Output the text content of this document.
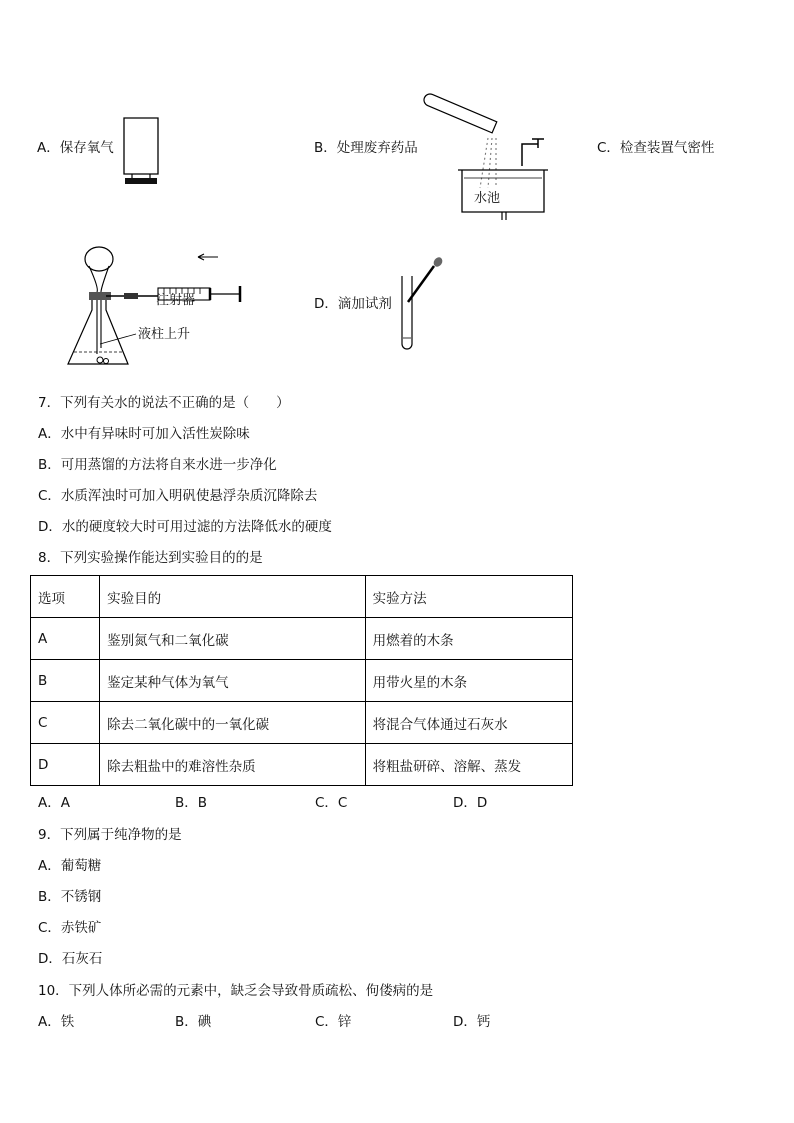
A．保存氧气	B．处理废弃药品
水池
C．检查装置气密性
注射器
液柱上升
D．滴加试剂
7．下列有关水的说法不正确的是（　　）
A．水中有异味时可加入活性炭除味
B．可用蒸馏的方法将自来水进一步净化
C．水质浑浊时可加入明矾使悬浮杂质沉降除去
D．水的硬度较大时可用过滤的方法降低水的硬度
8．下列实验操作能达到实验目的的是
选项	实验目的	实验方法
A	鉴别氮气和二氧化碳	用燃着的木条
B	鉴定某种气体为氧气	用带火星的木条
C	除去二氧化碳中的一氧化碳	将混合气体通过石灰水
D	除去粗盐中的难溶性杂质	将粗盐研碎、溶解、蒸发
A．A	B．B	C．C	D．D
9．下列属于纯净物的是
A．葡萄糖
B．不锈钢
C．赤铁矿
D．石灰石
10．下列人体所必需的元素中，缺乏会导致骨质疏松、佝偻病的是
A．铁	B．碘	C．锌	D．钙
